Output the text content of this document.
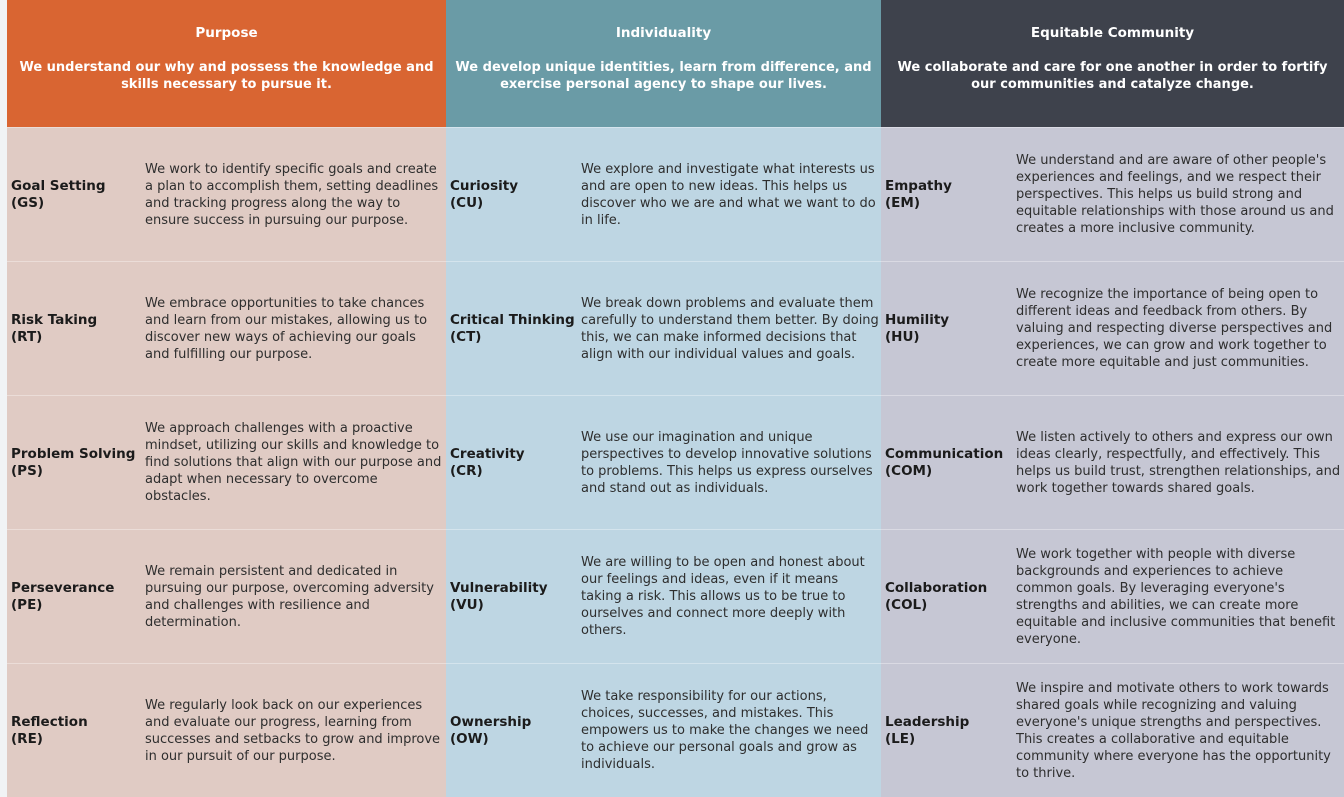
Purpose
We understand our why and possess the knowledge and skills necessary to pursue it.
Individuality
We develop unique identities, learn from difference, and exercise personal agency to shape our lives.
Equitable Community
We collaborate and care for one another in order to fortify our communities and catalyze change.
Goal Setting
(GS)
We work to identify specific goals and create a plan to accomplish them, setting deadlines and tracking progress along the way to ensure success in pursuing our purpose.
Curiosity
(CU)
We explore and investigate what interests us and are open to new ideas. This helps us discover who we are and what we want to do in life.
Empathy
(EM)
We understand and are aware of other people's experiences and feelings, and we respect their perspectives. This helps us build strong and equitable relationships with those around us and creates a more inclusive community.
Risk Taking
(RT)
We embrace opportunities to take chances and learn from our mistakes, allowing us to discover new ways of achieving our goals and fulfilling our purpose.
Critical Thinking
(CT)
We break down problems and evaluate them carefully to understand them better. By doing this, we can make informed decisions that align with our individual values and goals.
Humility
(HU)
We recognize the importance of being open to different ideas and feedback from others. By valuing and respecting diverse perspectives and experiences, we can grow and work together to create more equitable and just communities.
Problem Solving
(PS)
We approach challenges with a proactive mindset, utilizing our skills and knowledge to find solutions that align with our purpose and adapt when necessary to overcome obstacles.
Creativity
(CR)
We use our imagination and unique perspectives to develop innovative solutions to problems. This helps us express ourselves and stand out as individuals.
Communication
(COM)
We listen actively to others and express our own ideas clearly, respectfully, and effectively. This helps us build trust, strengthen relationships, and work together towards shared goals.
Perseverance
(PE)
We remain persistent and dedicated in pursuing our purpose, overcoming adversity and challenges with resilience and determination.
Vulnerability
(VU)
We are willing to be open and honest about our feelings and ideas, even if it means taking a risk. This allows us to be true to ourselves and connect more deeply with others.
Collaboration
(COL)
We work together with people with diverse backgrounds and experiences to achieve common goals. By leveraging everyone's strengths and abilities, we can create more equitable and inclusive communities that benefit everyone.
Reflection
(RE)
We regularly look back on our experiences and evaluate our progress, learning from successes and setbacks to grow and improve in our pursuit of our purpose.
Ownership
(OW)
We take responsibility for our actions, choices, successes, and mistakes. This empowers us to make the changes we need to achieve our personal goals and grow as individuals.
Leadership
(LE)
We inspire and motivate others to work towards shared goals while recognizing and valuing everyone's unique strengths and perspectives. This creates a collaborative and equitable community where everyone has the opportunity to thrive.
